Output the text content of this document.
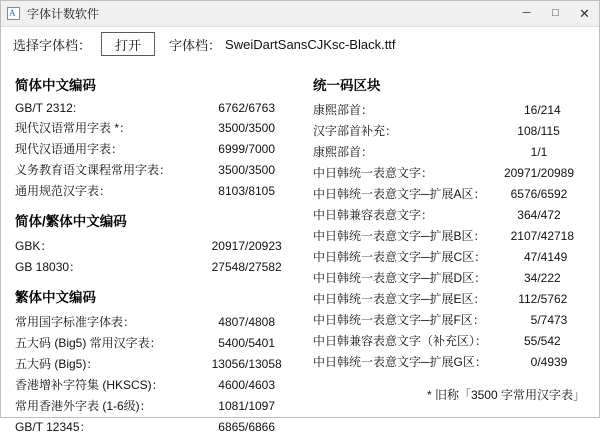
A 字体计数软件	─	□	✕
选择字体档：	打开	字体档： SweiDartSansCJKsc-Black.ttf
简体中文编码
GB/T 2312:	6762	/6763
现代汉语常用字表 *：	3500	/3500
现代汉语通用字表：	6999	/7000
义务教育语文课程常用字表：	3500	/3500
通用规范汉字表：	8103	/8105
简体/繁体中文编码
GBK：	20917	/20923
GB 18030：	27548	/27582
繁体中文编码
常用国字标准字体表：	4807	/4808
五大码 (Big5) 常用汉字表：	5400	/5401
五大码 (Big5)：	13056	/13058
香港增补字符集 (HKSCS)：	4600	/4603
常用香港外字表 (1-6级)：	1081	/1097
GB/T 12345：	6865	/6866
统一码区块
康熙部首：	16	/214
汉字部首补充：	108	/115
康熙部首：	1	/1
中日韩统一表意文字：	20971	/20989
中日韩统一表意文字─扩展A区：	6576	/6592
中日韩兼容表意文字：	364	/472
中日韩统一表意文字─扩展B区：	2107	/42718
中日韩统一表意文字─扩展C区：	47	/4149
中日韩统一表意文字─扩展D区：	34	/222
中日韩统一表意文字─扩展E区：	112	/5762
中日韩统一表意文字─扩展F区：	5	/7473
中日韩兼容表意文字（补充区）：	55	/542
中日韩统一表意文字─扩展G区：	0	/4939
* 旧称「3500 字常用汉字表」
